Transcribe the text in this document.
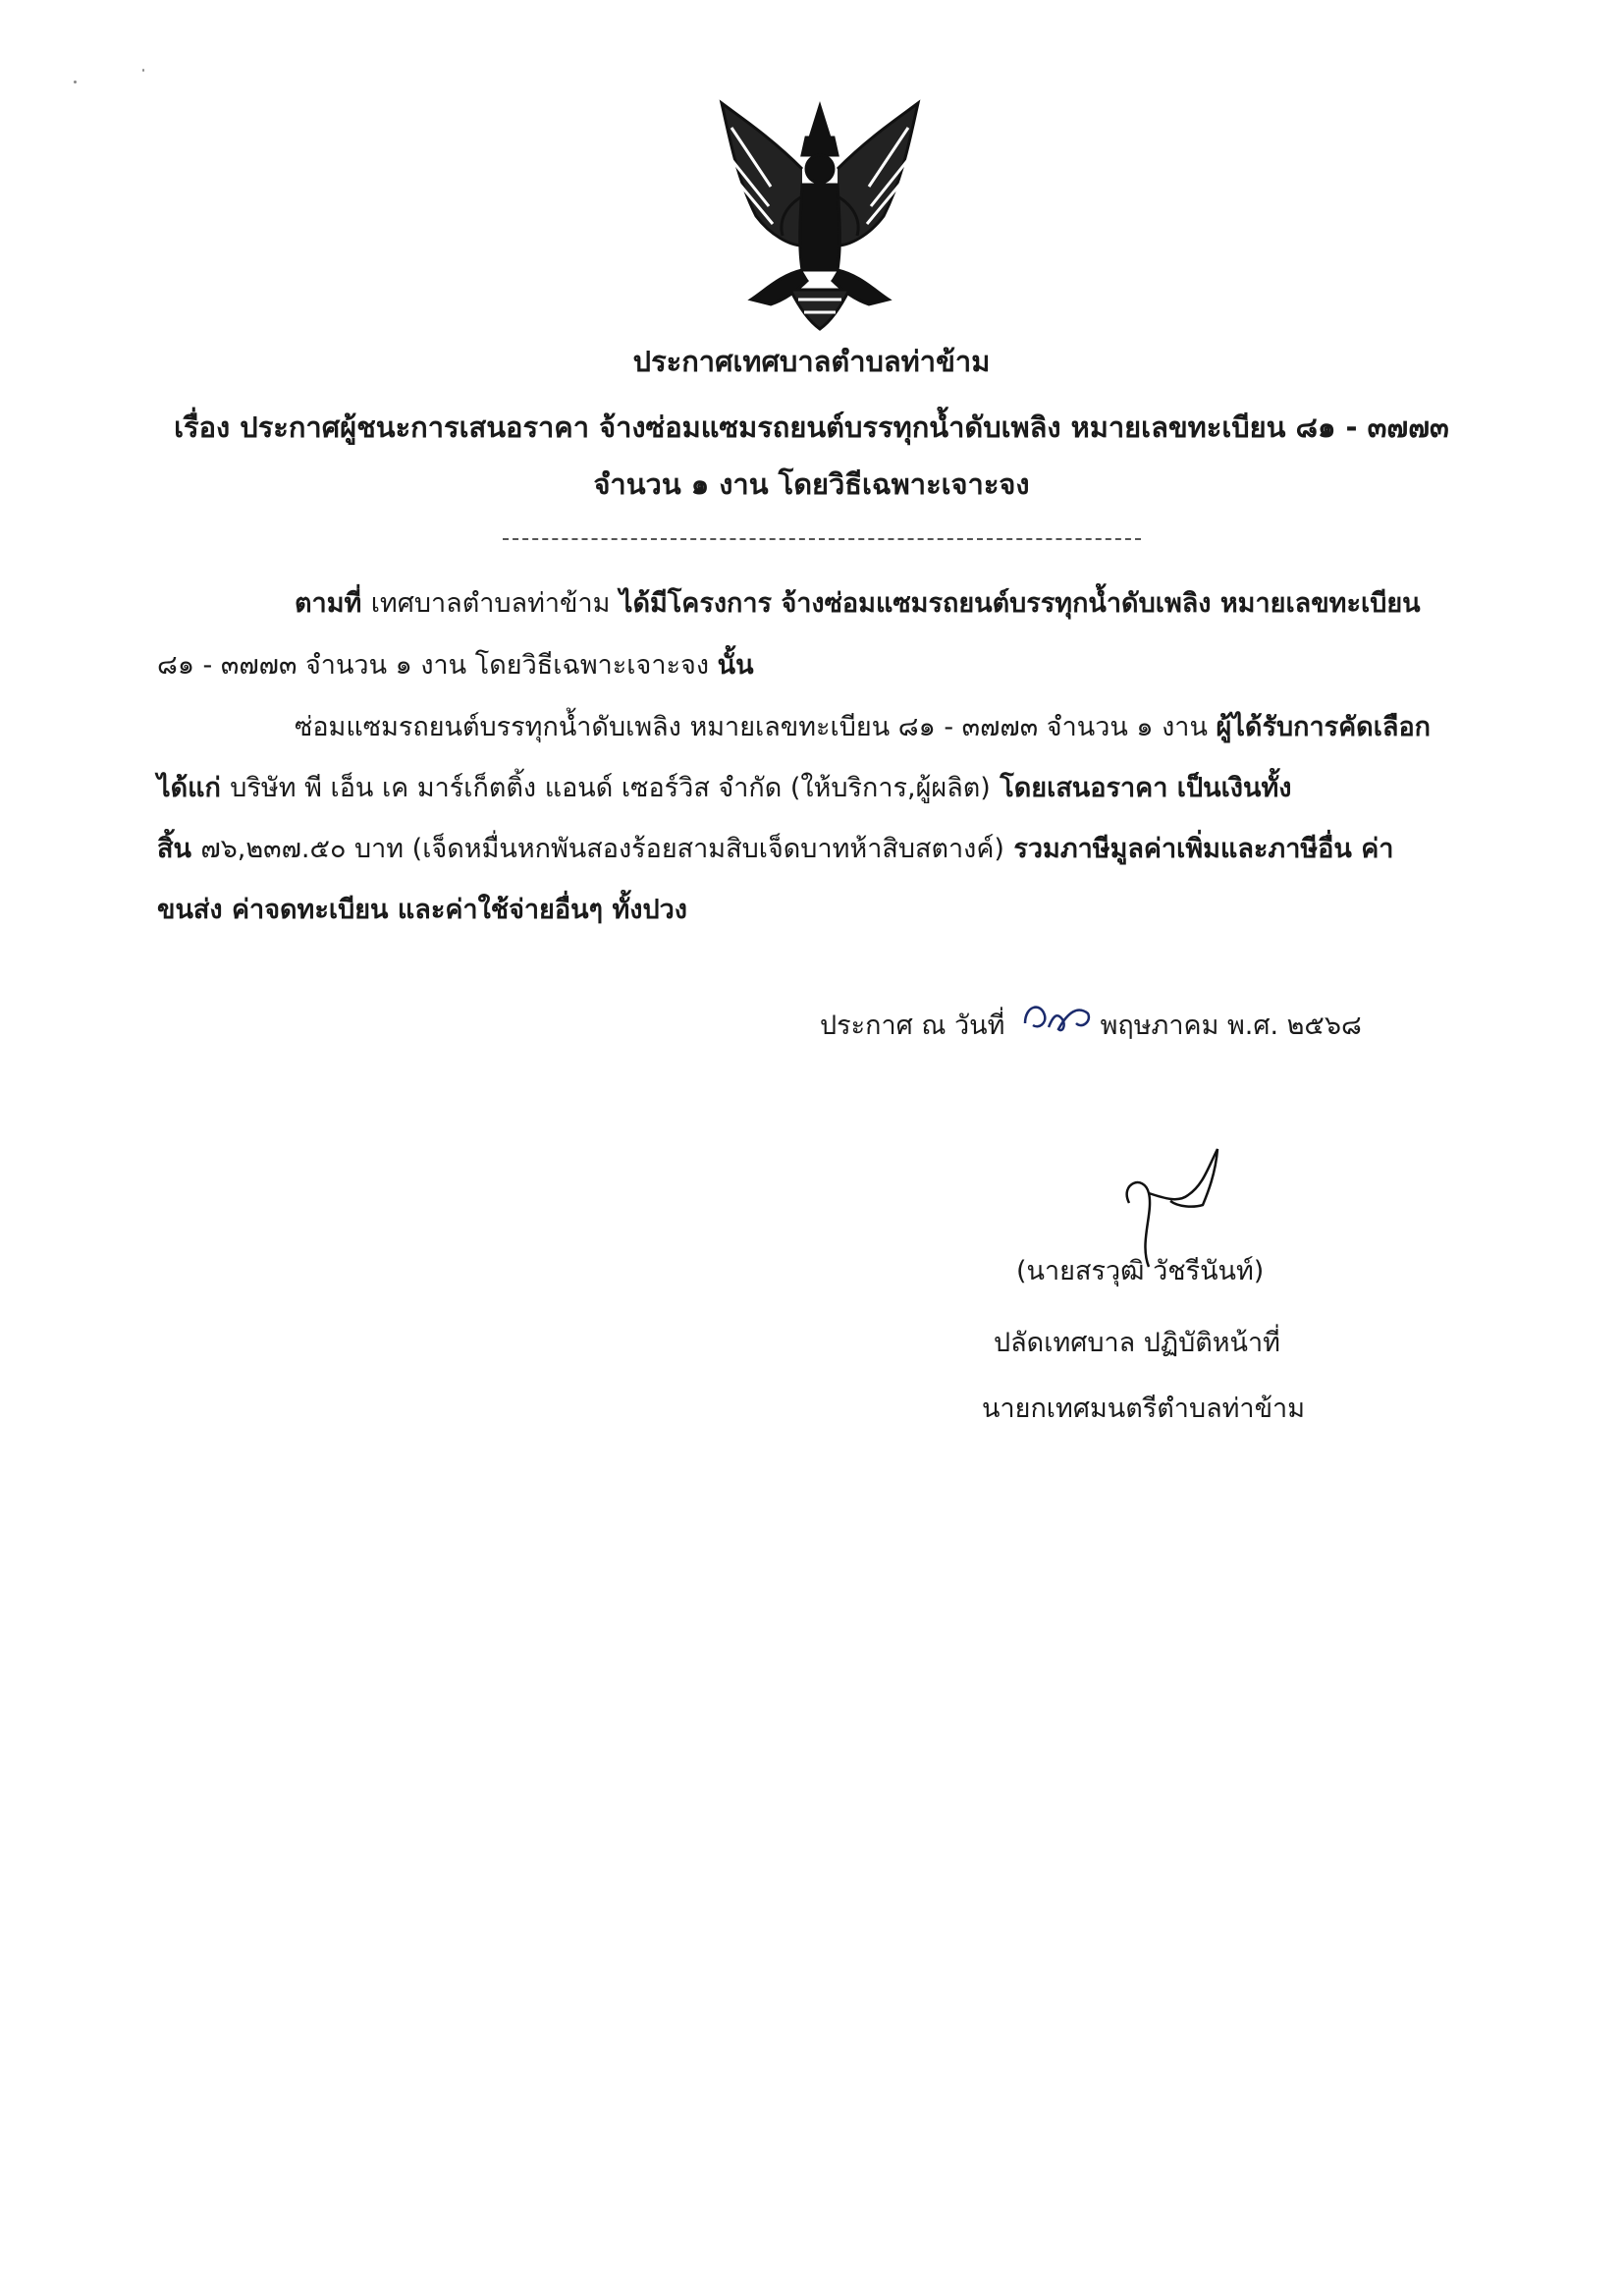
ประกาศเทศบาลตำบลท่าข้าม
เรื่อง ประกาศผู้ชนะการเสนอราคา จ้างซ่อมแซมรถยนต์บรรทุกน้ำดับเพลิง หมายเลขทะเบียน ๘๑ - ๓๗๗๓
จำนวน ๑ งาน โดยวิธีเฉพาะเจาะจง
ตามที่ เทศบาลตำบลท่าข้าม ได้มีโครงการ จ้างซ่อมแซมรถยนต์บรรทุกน้ำดับเพลิง หมายเลขทะเบียน
๘๑ - ๓๗๗๓ จำนวน ๑ งาน โดยวิธีเฉพาะเจาะจง นั้น
ซ่อมแซมรถยนต์บรรทุกน้ำดับเพลิง หมายเลขทะเบียน ๘๑ - ๓๗๗๓ จำนวน ๑ งาน ผู้ได้รับการคัดเลือก
ได้แก่ บริษัท พี เอ็น เค มาร์เก็ตติ้ง แอนด์ เซอร์วิส จำกัด (ให้บริการ,ผู้ผลิต) โดยเสนอราคา เป็นเงินทั้ง
สิ้น ๗๖,๒๓๗.๕๐ บาท (เจ็ดหมื่นหกพันสองร้อยสามสิบเจ็ดบาทห้าสิบสตางค์) รวมภาษีมูลค่าเพิ่มและภาษีอื่น ค่า
ขนส่ง ค่าจดทะเบียน และค่าใช้จ่ายอื่นๆ ทั้งปวง
ประกาศ ณ วันที่	พฤษภาคม พ.ศ. ๒๕๖๘
(นายสรวุฒิ วัชรีนันท์)
ปลัดเทศบาล ปฏิบัติหน้าที่
นายกเทศมนตรีตำบลท่าข้าม
